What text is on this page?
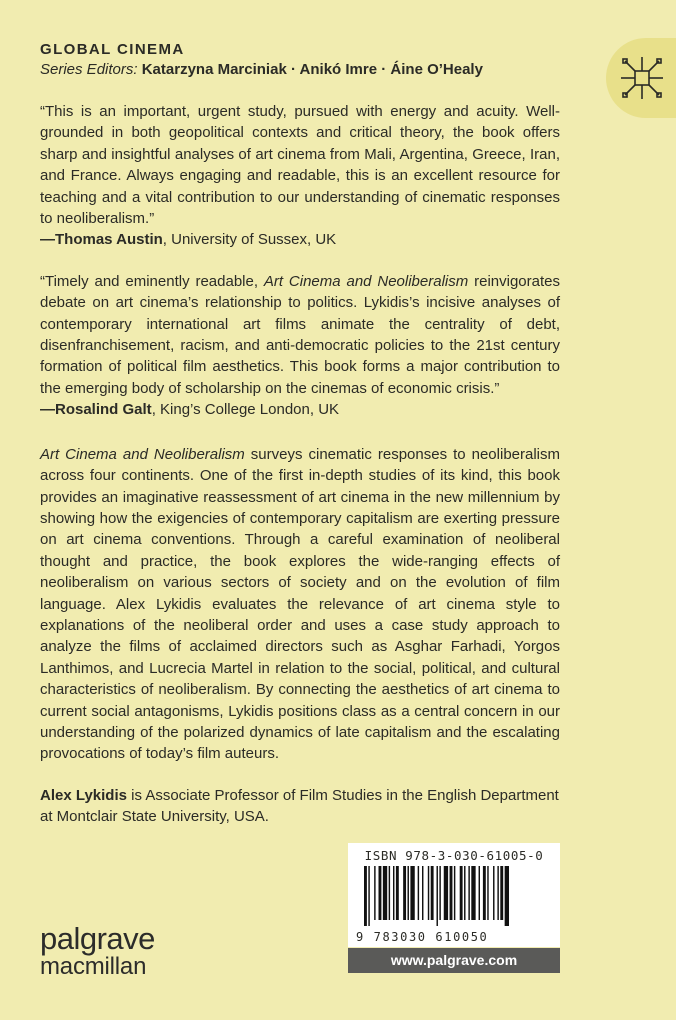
GLOBAL CINEMA
Series Editors: Katarzyna Marciniak · Anikó Imre · Áine O’Healy

“This is an important, urgent study, pursued with energy and acuity. Well-grounded in both geopolitical contexts and critical theory, the book offers sharp and insightful analyses of art cinema from Mali, Argentina, Greece, Iran, and France. Always engaging and readable, this is an excellent resource for teaching and a vital contribution to our understanding of cinematic responses to neoliberalism.”

—Thomas Austin, University of Sussex, UK

“Timely and eminently readable, Art Cinema and Neoliberalism reinvigorates debate on art cinema’s relationship to politics. Lykidis’s incisive analyses of contemporary international art films animate the centrality of debt, disenfranchisement, racism, and anti-democratic policies to the 21st century formation of political film aesthetics. This book forms a major contribution to the emerging body of scholarship on the cinemas of economic crisis.”

—Rosalind Galt, King’s College London, UK

Art Cinema and Neoliberalism surveys cinematic responses to neoliberalism across four continents. One of the first in-depth studies of its kind, this book provides an imaginative reassessment of art cinema in the new millennium by showing how the exigencies of contemporary capitalism are exerting pressure on art cinema conventions. Through a careful examination of neoliberal thought and practice, the book explores the wide-ranging effects of neoliberalism on various sectors of society and on the evolution of film language. Alex Lykidis evaluates the relevance of art cinema style to explanations of the neoliberal order and uses a case study approach to analyze the films of acclaimed directors such as Asghar Farhadi, Yorgos Lanthimos, and Lucrecia Martel in relation to the social, political, and cultural characteristics of neoliberalism. By connecting the aesthetics of art cinema to current social antagonisms, Lykidis positions class as a central concern in our understanding of the polarized dynamics of late capitalism and the escalating provocations of today’s film auteurs.

Alex Lykidis is Associate Professor of Film Studies in the English Department at Montclair State University, USA.

ISBN 978-3-030-61005-0
9 783030 610050
www.palgrave.com
palgrave
macmillan
